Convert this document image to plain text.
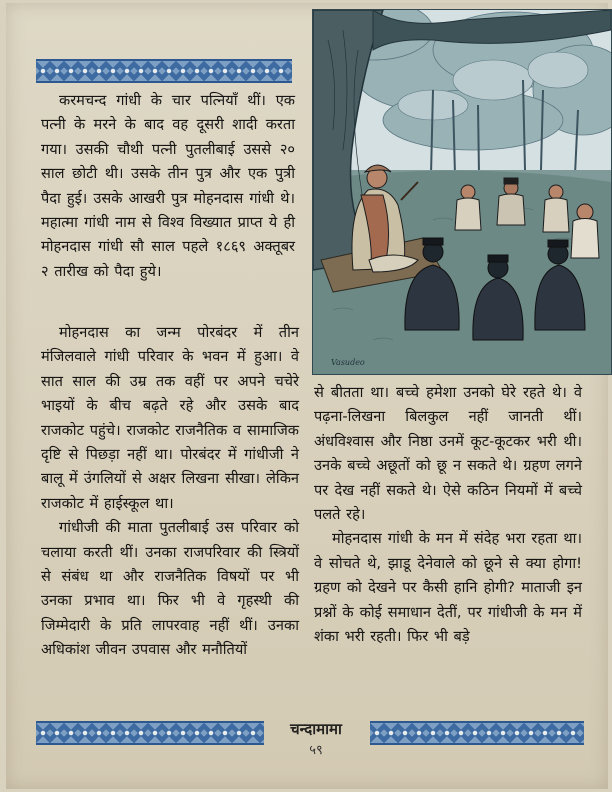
करमचन्द गांधी के चार पत्नियाँ थीं। एक पत्नी के मरने के बाद वह दूसरी शादी करता गया। उसकी चौथी पत्नी पुतलीबाई उससे २० साल छोटी थी। उसके तीन पुत्र और एक पुत्री पैदा हुई। उसके आखरी पुत्र मोहनदास गांधी थे। महात्मा गांधी नाम से विश्व विख्यात प्राप्त ये ही मोहनदास गांधी सौ साल पहले १८६९ अक्तूबर २ तारीख को पैदा हुये।

मोहनदास का जन्म पोरबंदर में तीन मंजिलवाले गांधी परिवार के भवन में हुआ। वे सात साल की उम्र तक वहीं पर अपने चचेरे भाइयों के बीच बढ़ते रहे और उसके बाद राजकोट पहुंचे। राजकोट राजनैतिक व सामाजिक दृष्टि से पिछड़ा नहीं था। पोरबंदर में गांधीजी ने बालू में उंगलियों से अक्षर लिखना सीखा। लेकिन राजकोट में हाईस्कूल था।

गांधीजी की माता पुतलीबाई उस परिवार को चलाया करती थीं। उनका राजपरिवार की स्त्रियों से संबंध था और राजनैतिक विषयों पर भी उनका प्रभाव था। फिर भी वे गृहस्थी की जिम्मेदारी के प्रति लापरवाह नहीं थीं। उनका अधिकांश जीवन उपवास और मनौतियों

Vasudeo

से बीतता था। बच्चे हमेशा उनको घेरे रहते थे। वे पढ़ना-लिखना बिलकुल नहीं जानती थीं। अंधविश्वास और निष्ठा उनमें कूट-कूटकर भरी थी। उनके बच्चे अछूतों को छू न सकते थे। ग्रहण लगने पर देख नहीं सकते थे। ऐसे कठिन नियमों में बच्चे पलते रहे।

मोहनदास गांधी के मन में संदेह भरा रहता था। वे सोचते थे, झाडू देनेवाले को छूने से क्या होगा! ग्रहण को देखने पर कैसी हानि होगी? माताजी इन प्रश्नों के कोई समाधान देतीं, पर गांधीजी के मन में शंका भरी रहती। फिर भी बड़े

चन्दामामा
५९
